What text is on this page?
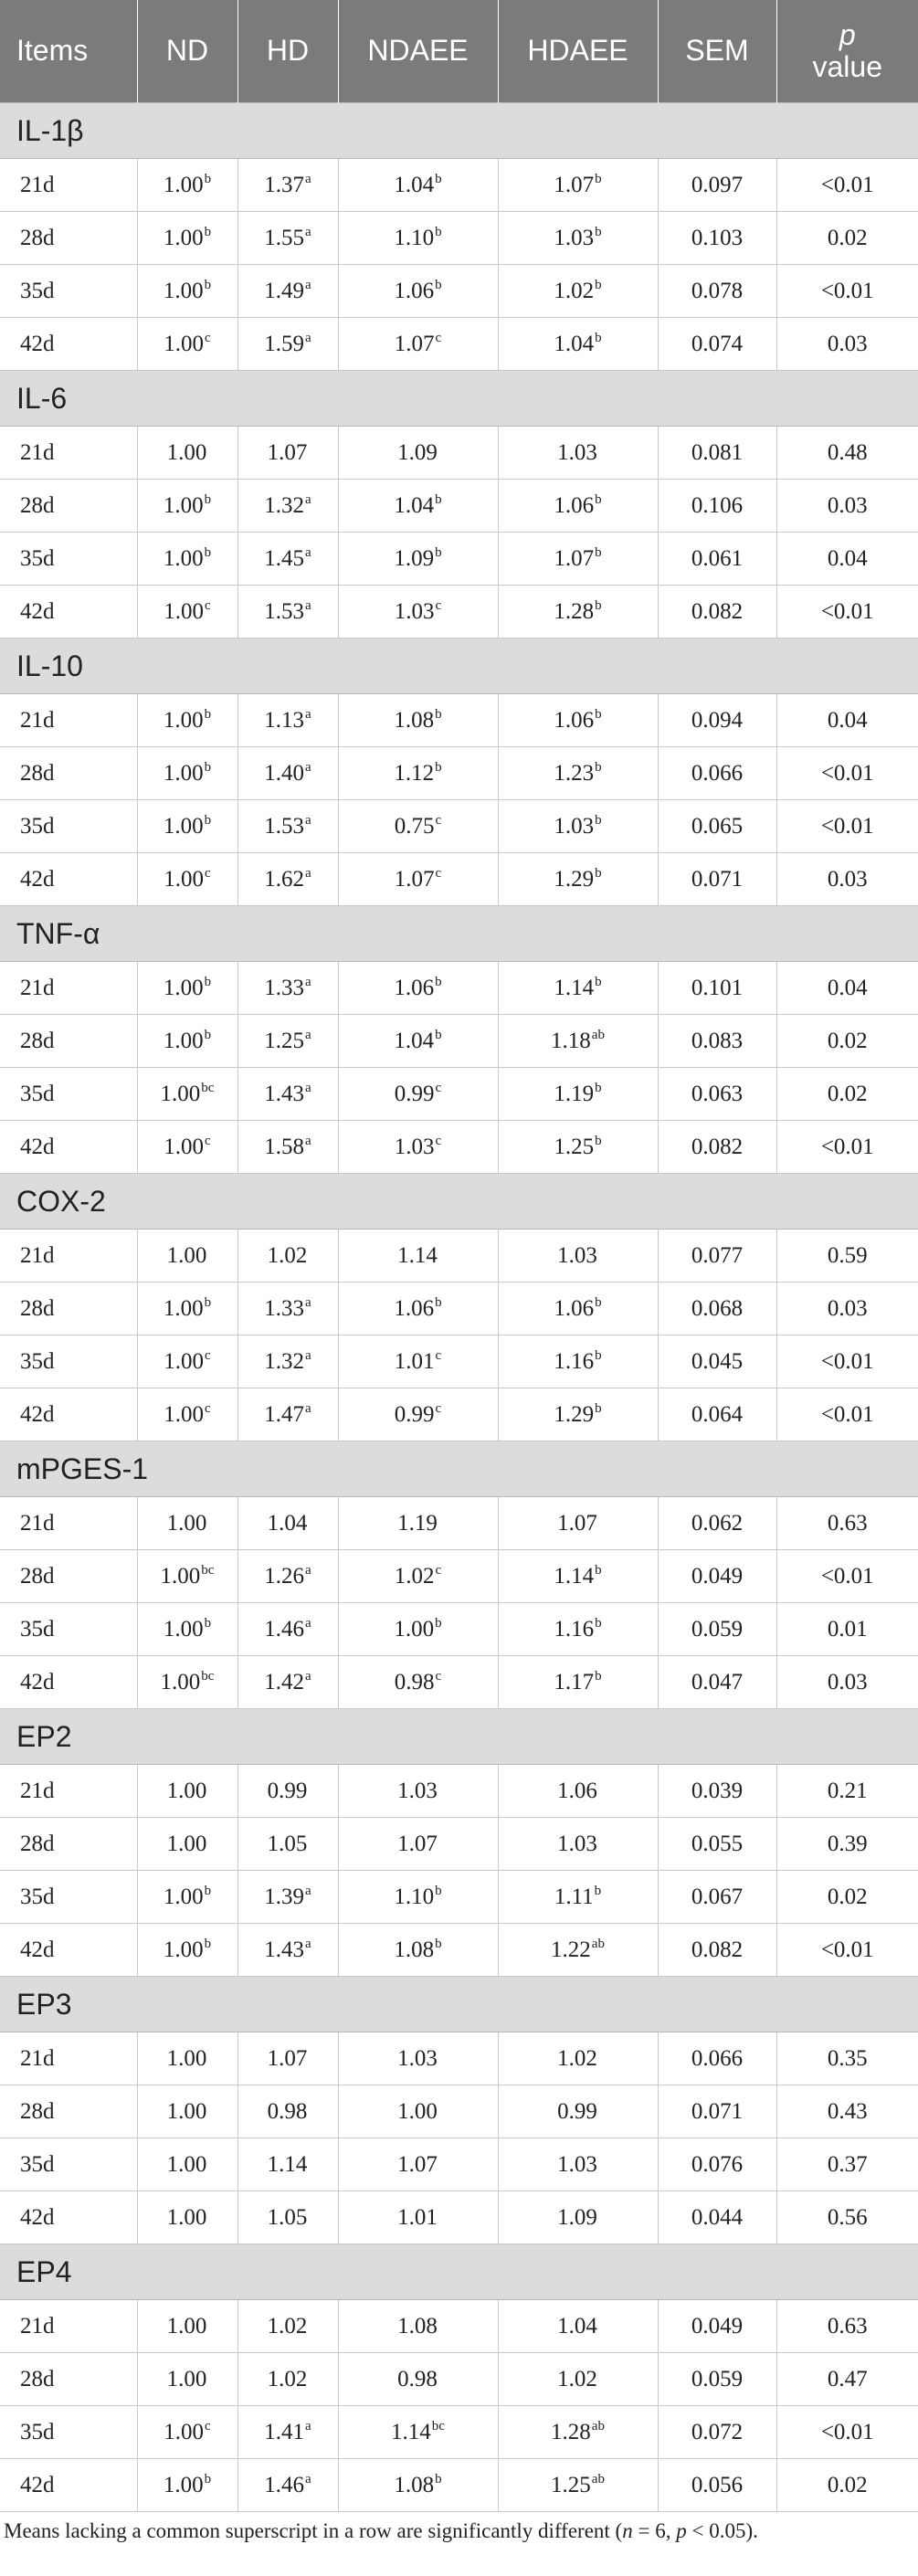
Items	ND	HD	NDAEE	HDAEE	SEM	p
value
IL-1β						
21d	1.00$^b$	1.37$^a$	1.04$^b$	1.07$^b$	0.097	<0.01
28d	1.00$^b$	1.55$^a$	1.10$^b$	1.03$^b$	0.103	0.02
35d	1.00$^b$	1.49$^a$	1.06$^b$	1.02$^b$	0.078	<0.01
42d	1.00$^c$	1.59$^a$	1.07$^c$	1.04$^b$	0.074	0.03
IL-6						
21d	1.00	1.07	1.09	1.03	0.081	0.48
28d	1.00$^b$	1.32$^a$	1.04$^b$	1.06$^b$	0.106	0.03
35d	1.00$^b$	1.45$^a$	1.09$^b$	1.07$^b$	0.061	0.04
42d	1.00$^c$	1.53$^a$	1.03$^c$	1.28$^b$	0.082	<0.01
IL-10						
21d	1.00$^b$	1.13$^a$	1.08$^b$	1.06$^b$	0.094	0.04
28d	1.00$^b$	1.40$^a$	1.12$^b$	1.23$^b$	0.066	<0.01
35d	1.00$^b$	1.53$^a$	0.75$^c$	1.03$^b$	0.065	<0.01
42d	1.00$^c$	1.62$^a$	1.07$^c$	1.29$^b$	0.071	0.03
TNF-α						
21d	1.00$^b$	1.33$^a$	1.06$^b$	1.14$^b$	0.101	0.04
28d	1.00$^b$	1.25$^a$	1.04$^b$	1.18$^{ab}$	0.083	0.02
35d	1.00$^{bc}$	1.43$^a$	0.99$^c$	1.19$^b$	0.063	0.02
42d	1.00$^c$	1.58$^a$	1.03$^c$	1.25$^b$	0.082	<0.01
COX-2						
21d	1.00	1.02	1.14	1.03	0.077	0.59
28d	1.00$^b$	1.33$^a$	1.06$^b$	1.06$^b$	0.068	0.03
35d	1.00$^c$	1.32$^a$	1.01$^c$	1.16$^b$	0.045	<0.01
42d	1.00$^c$	1.47$^a$	0.99$^c$	1.29$^b$	0.064	<0.01
mPGES-1						
21d	1.00	1.04	1.19	1.07	0.062	0.63
28d	1.00$^{bc}$	1.26$^a$	1.02$^c$	1.14$^b$	0.049	<0.01
35d	1.00$^b$	1.46$^a$	1.00$^b$	1.16$^b$	0.059	0.01
42d	1.00$^{bc}$	1.42$^a$	0.98$^c$	1.17$^b$	0.047	0.03
EP2						
21d	1.00	0.99	1.03	1.06	0.039	0.21
28d	1.00	1.05	1.07	1.03	0.055	0.39
35d	1.00$^b$	1.39$^a$	1.10$^b$	1.11$^b$	0.067	0.02
42d	1.00$^b$	1.43$^a$	1.08$^b$	1.22$^{ab}$	0.082	<0.01
EP3						
21d	1.00	1.07	1.03	1.02	0.066	0.35
28d	1.00	0.98	1.00	0.99	0.071	0.43
35d	1.00	1.14	1.07	1.03	0.076	0.37
42d	1.00	1.05	1.01	1.09	0.044	0.56
EP4						
21d	1.00	1.02	1.08	1.04	0.049	0.63
28d	1.00	1.02	0.98	1.02	0.059	0.47
35d	1.00$^c$	1.41$^a$	1.14$^{bc}$	1.28$^{ab}$	0.072	<0.01
42d	1.00$^b$	1.46$^a$	1.08$^b$	1.25$^{ab}$	0.056	0.02
Means lacking a common superscript in a row are significantly different (n = 6, p < 0.05).
